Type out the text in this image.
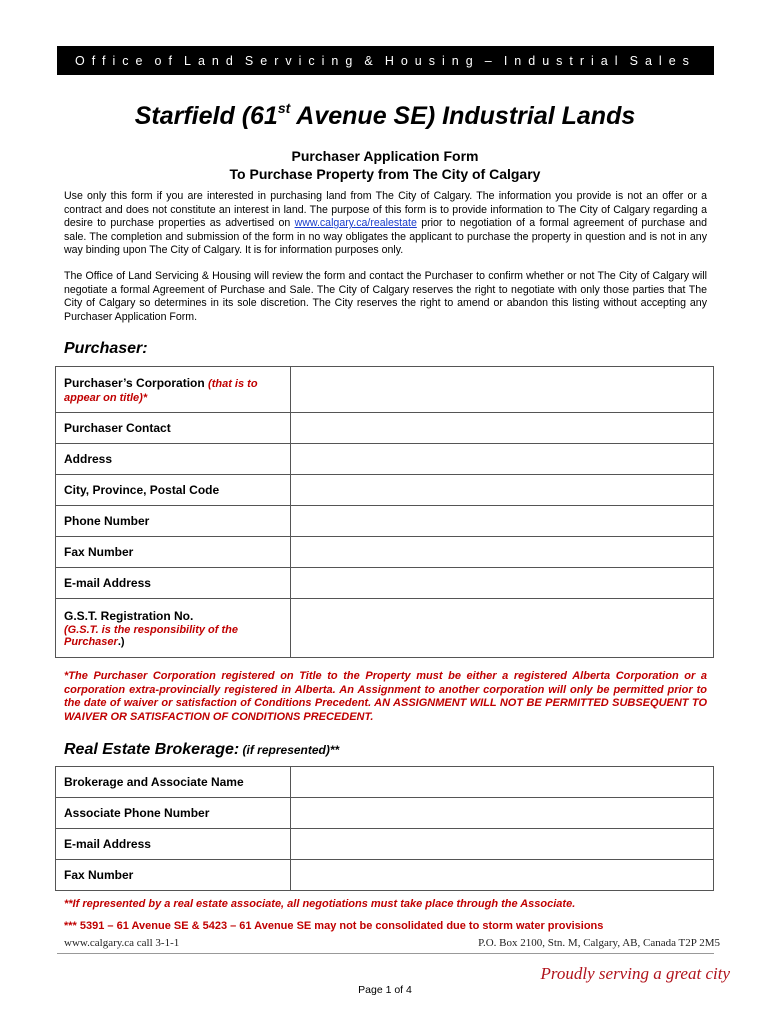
Office of Land Servicing & Housing – Industrial Sales
Starfield (61st Avenue SE) Industrial Lands
Purchaser Application Form
To Purchase Property from The City of Calgary

Use only this form if you are interested in purchasing land from The City of Calgary. The information you provide is not an offer or a contract and does not constitute an interest in land. The purpose of this form is to provide information to The City of Calgary regarding a desire to purchase properties as advertised on www.calgary.ca/realestate prior to negotiation of a formal agreement of purchase and sale. The completion and submission of the form in no way obligates the applicant to purchase the property in question and is not in any way binding upon The City of Calgary. It is for information purposes only.

The Office of Land Servicing & Housing will review the form and contact the Purchaser to confirm whether or not The City of Calgary will negotiate a formal Agreement of Purchase and Sale. The City of Calgary reserves the right to negotiate with only those parties that The City of Calgary so determines in its sole discretion. The City reserves the right to amend or abandon this listing without accepting any Purchaser Application Form.

Purchaser:
Purchaser’s Corporation (that is to appear on title)*	
Purchaser Contact	
Address	
City, Province, Postal Code	
Phone Number	
Fax Number	
E-mail Address	
G.S.T. Registration No.
(G.S.T. is the responsibility of the Purchaser.)	

*The Purchaser Corporation registered on Title to the Property must be either a registered Alberta Corporation or a corporation extra-provincially registered in Alberta. An Assignment to another corporation will only be permitted prior to the date of waiver or satisfaction of Conditions Precedent. AN ASSIGNMENT WILL NOT BE PERMITTED SUBSEQUENT TO WAIVER OR SATISFACTION OF CONDITIONS PRECEDENT.

Real Estate Brokerage: (if represented)**
Brokerage and Associate Name	
Associate Phone Number	
E-mail Address	
Fax Number	
**If represented by a real estate associate, all negotiations must take place through the Associate.
*** 5391 – 61 Avenue SE & 5423 – 61 Avenue SE may not be consolidated due to storm water provisions
www.calgary.ca call 3-1-1	P.O. Box 2100, Stn. M, Calgary, AB, Canada T2P 2M5
Proudly serving a great city
Page 1 of 4
